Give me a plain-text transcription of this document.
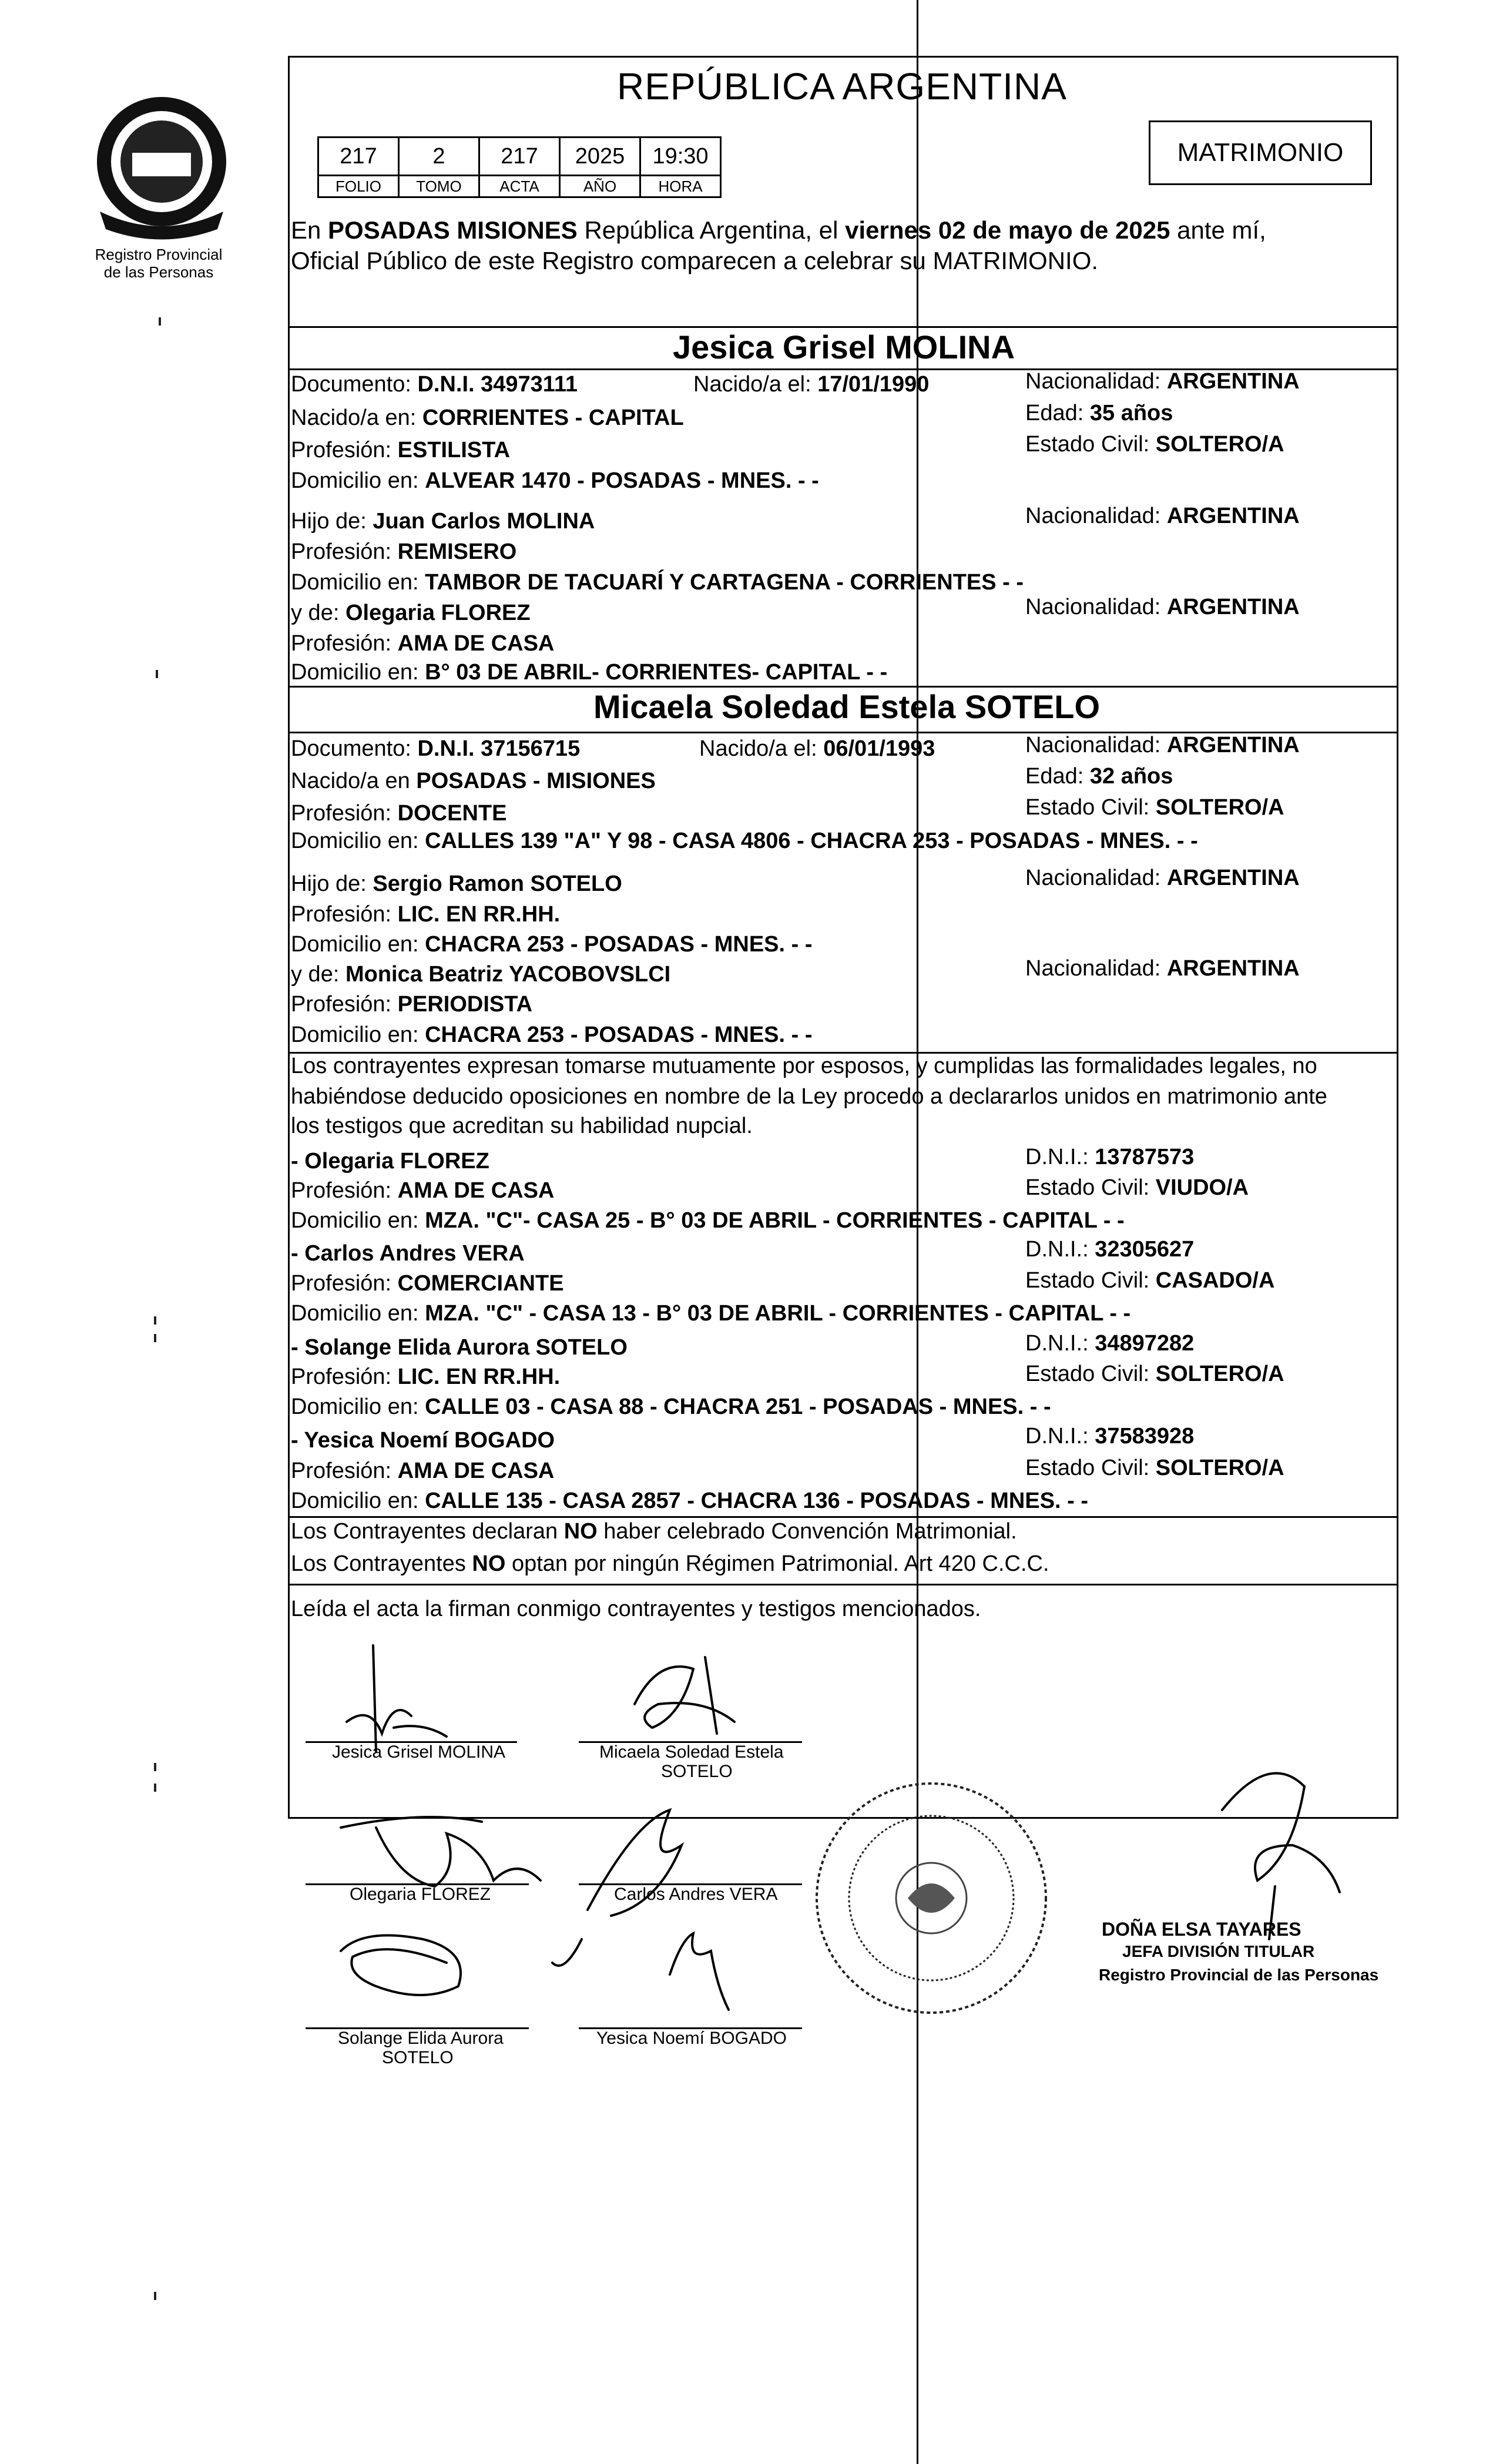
Registro Provincial
de las Personas
REPÚBLICA ARGENTINA
217	2	217	2025	19:30
FOLIO	TOMO	ACTA	AÑO	HORA
MATRIMONIO
En POSADAS MISIONES República Argentina, el viernes 02 de mayo de 2025 ante mí,
Oficial Público de este Registro comparecen a celebrar su MATRIMONIO.
Jesica Grisel MOLINA
Documento: D.N.I. 34973111	Nacido/a el: 17/01/1990	Nacionalidad: ARGENTINA
Nacido/a en: CORRIENTES - CAPITAL	Edad: 35 años
Profesión: ESTILISTA	Estado Civil: SOLTERO/A
Domicilio en: ALVEAR 1470 - POSADAS - MNES. - -
Hijo de: Juan Carlos MOLINA	Nacionalidad: ARGENTINA
Profesión: REMISERO
Domicilio en: TAMBOR DE TACUARÍ Y CARTAGENA - CORRIENTES - -
y de: Olegaria FLOREZ	Nacionalidad: ARGENTINA
Profesión: AMA DE CASA
Domicilio en: B° 03 DE ABRIL- CORRIENTES- CAPITAL - -
Micaela Soledad Estela SOTELO
Documento: D.N.I. 37156715	Nacido/a el: 06/01/1993	Nacionalidad: ARGENTINA
Nacido/a en POSADAS - MISIONES	Edad: 32 años
Profesión: DOCENTE	Estado Civil: SOLTERO/A
Domicilio en: CALLES 139 "A" Y 98 - CASA 4806 - CHACRA 253 - POSADAS - MNES. - -
Hijo de: Sergio Ramon SOTELO	Nacionalidad: ARGENTINA
Profesión: LIC. EN RR.HH.
Domicilio en: CHACRA 253 - POSADAS - MNES. - -
y de: Monica Beatriz YACOBOVSLCI	Nacionalidad: ARGENTINA
Profesión: PERIODISTA
Domicilio en: CHACRA 253 - POSADAS - MNES. - -
Los contrayentes expresan tomarse mutuamente por esposos, y cumplidas las formalidades legales, no
habiéndose deducido oposiciones en nombre de la Ley procedo a declararlos unidos en matrimonio ante
los testigos que acreditan su habilidad nupcial.
- Olegaria FLOREZ	D.N.I.: 13787573
Profesión: AMA DE CASA	Estado Civil: VIUDO/A
Domicilio en: MZA. "C"- CASA 25 - B° 03 DE ABRIL - CORRIENTES - CAPITAL - -
- Carlos Andres VERA	D.N.I.: 32305627
Profesión: COMERCIANTE	Estado Civil: CASADO/A
Domicilio en: MZA. "C" - CASA 13 - B° 03 DE ABRIL - CORRIENTES - CAPITAL - -
- Solange Elida Aurora SOTELO	D.N.I.: 34897282
Profesión: LIC. EN RR.HH.	Estado Civil: SOLTERO/A
Domicilio en: CALLE 03 - CASA 88 - CHACRA 251 - POSADAS - MNES. - -
- Yesica Noemí BOGADO	D.N.I.: 37583928
Profesión: AMA DE CASA	Estado Civil: SOLTERO/A
Domicilio en: CALLE 135 - CASA 2857 - CHACRA 136 - POSADAS - MNES. - -
Los Contrayentes declaran NO haber celebrado Convención Matrimonial.
Los Contrayentes NO optan por ningún Régimen Patrimonial. Art 420 C.C.C.
Leída el acta la firman conmigo contrayentes y testigos mencionados.
Jesica Grisel MOLINA	Micaela Soledad Estela
SOTELO
Olegaria FLOREZ	Carlos Andres VERA
Solange Elida Aurora
SOTELO
Yesica Noemí BOGADO
DOÑA ELSA TAYARES
JEFA DIVISIÓN TITULAR
Registro Provincial de las Personas
